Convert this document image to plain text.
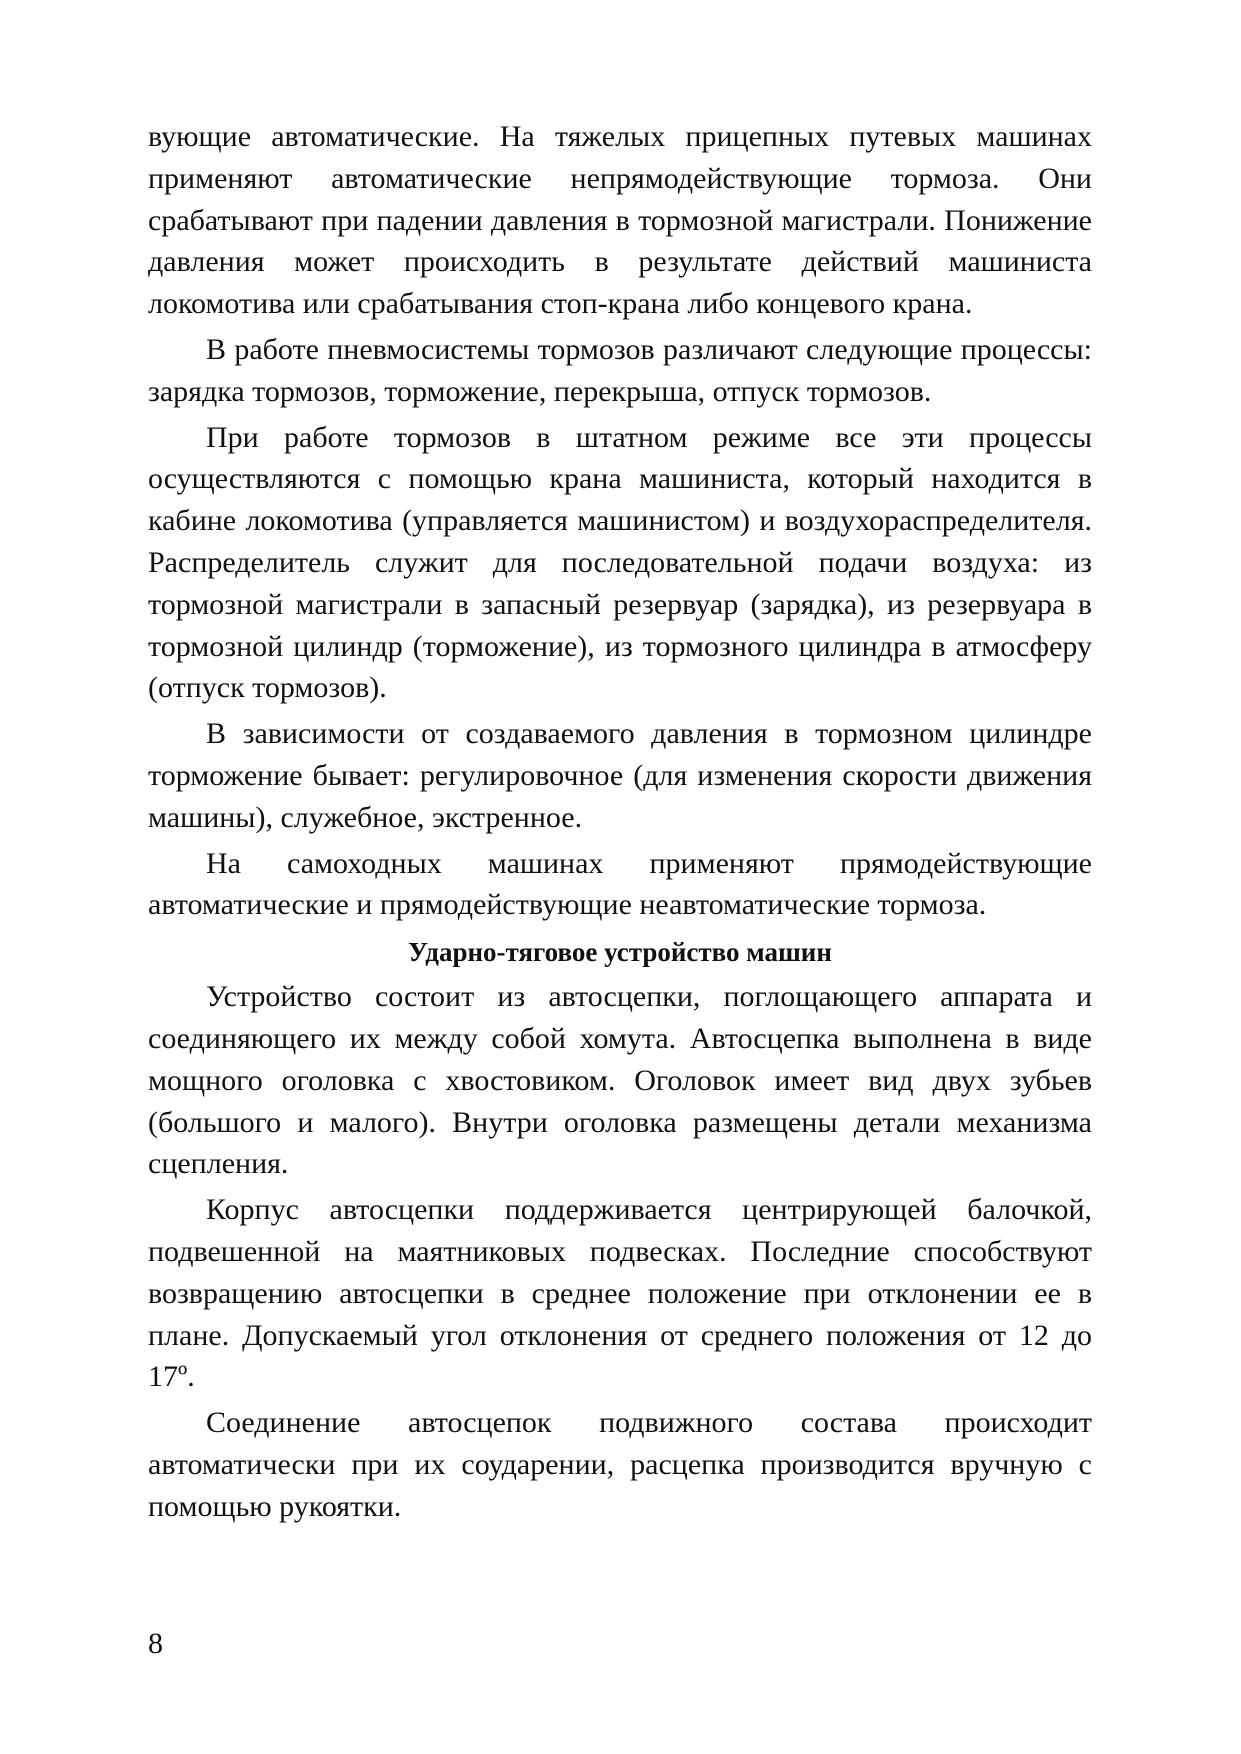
вующие автоматические. На тяжелых прицепных путевых машинах применяют автоматические непрямодействующие тормоза. Они срабатывают при падении давления в тормозной магистрали. Понижение давления может происходить в результате действий машиниста локомотива или срабатывания стоп-крана либо концевого крана.

В работе пневмосистемы тормозов различают следующие процессы: зарядка тормозов, торможение, перекрыша, отпуск тормозов.

При работе тормозов в штатном режиме все эти процессы осуществляются с помощью крана машиниста, который находится в кабине локомотива (управляется машинистом) и воздухораспределителя. Распределитель служит для последовательной подачи воздуха: из тормозной магистрали в запасный резервуар (зарядка), из резервуара в тормозной цилиндр (торможение), из тормозного цилиндра в атмосферу (отпуск тормозов).

В зависимости от создаваемого давления в тормозном цилиндре торможение бывает: регулировочное (для изменения скорости движения машины), служебное, экстренное.

На самоходных машинах применяют прямодействующие автоматические и прямодействующие неавтоматические тормоза.

Ударно-тяговое устройство машин

Устройство состоит из автосцепки, поглощающего аппарата и соединяющего их между собой хомута. Автосцепка выполнена в виде мощного оголовка с хвостовиком. Оголовок имеет вид двух зубьев (большого и малого). Внутри оголовка размещены детали механизма сцепления.

Корпус автосцепки поддерживается центрирующей балочкой, подвешенной на маятниковых подвесках. Последние способствуют возвращению автосцепки в среднее положение при отклонении ее в плане. Допускаемый угол отклонения от среднего положения от 12 до 17º.

Соединение автосцепок подвижного состава происходит автоматически при их соударении, расцепка производится вручную с помощью рукоятки.

8
